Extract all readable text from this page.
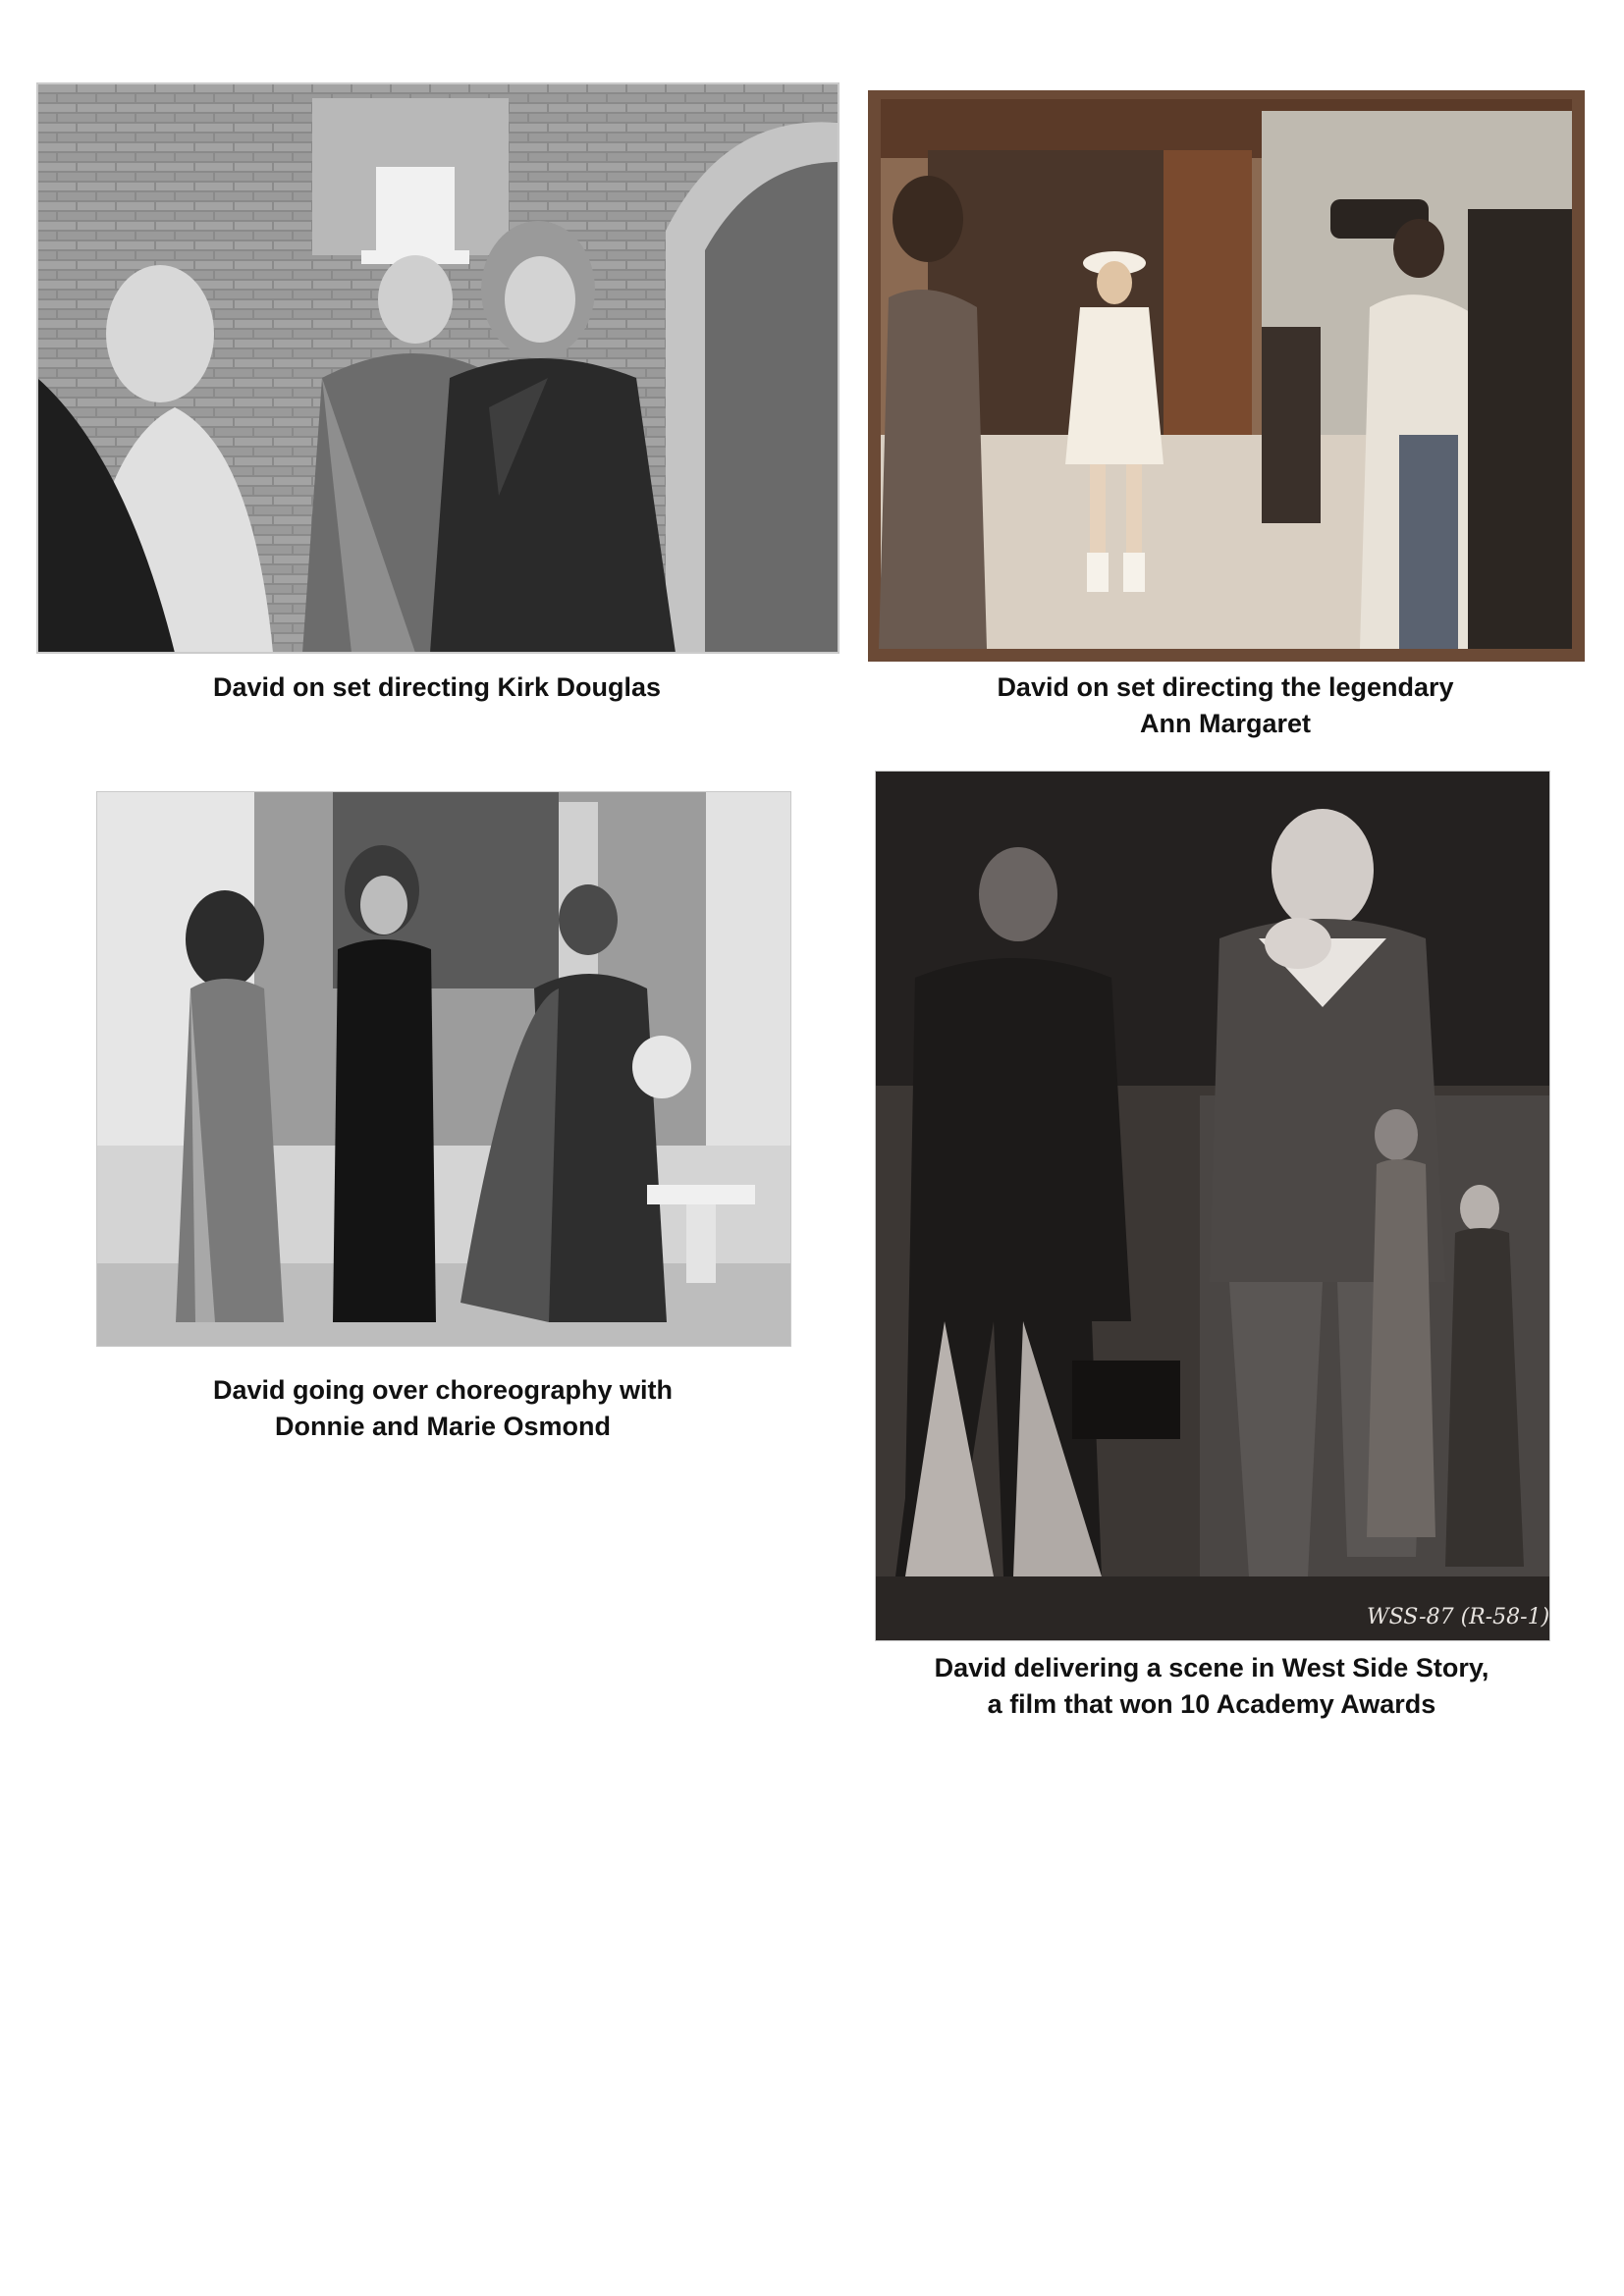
WSS-87 (R-58-1)
David on set directing Kirk Douglas	David on set directing the legendary
Ann Margaret
David going over choreography with
Donnie and Marie Osmond
David delivering a scene in West Side Story,
a film that won 10 Academy Awards
